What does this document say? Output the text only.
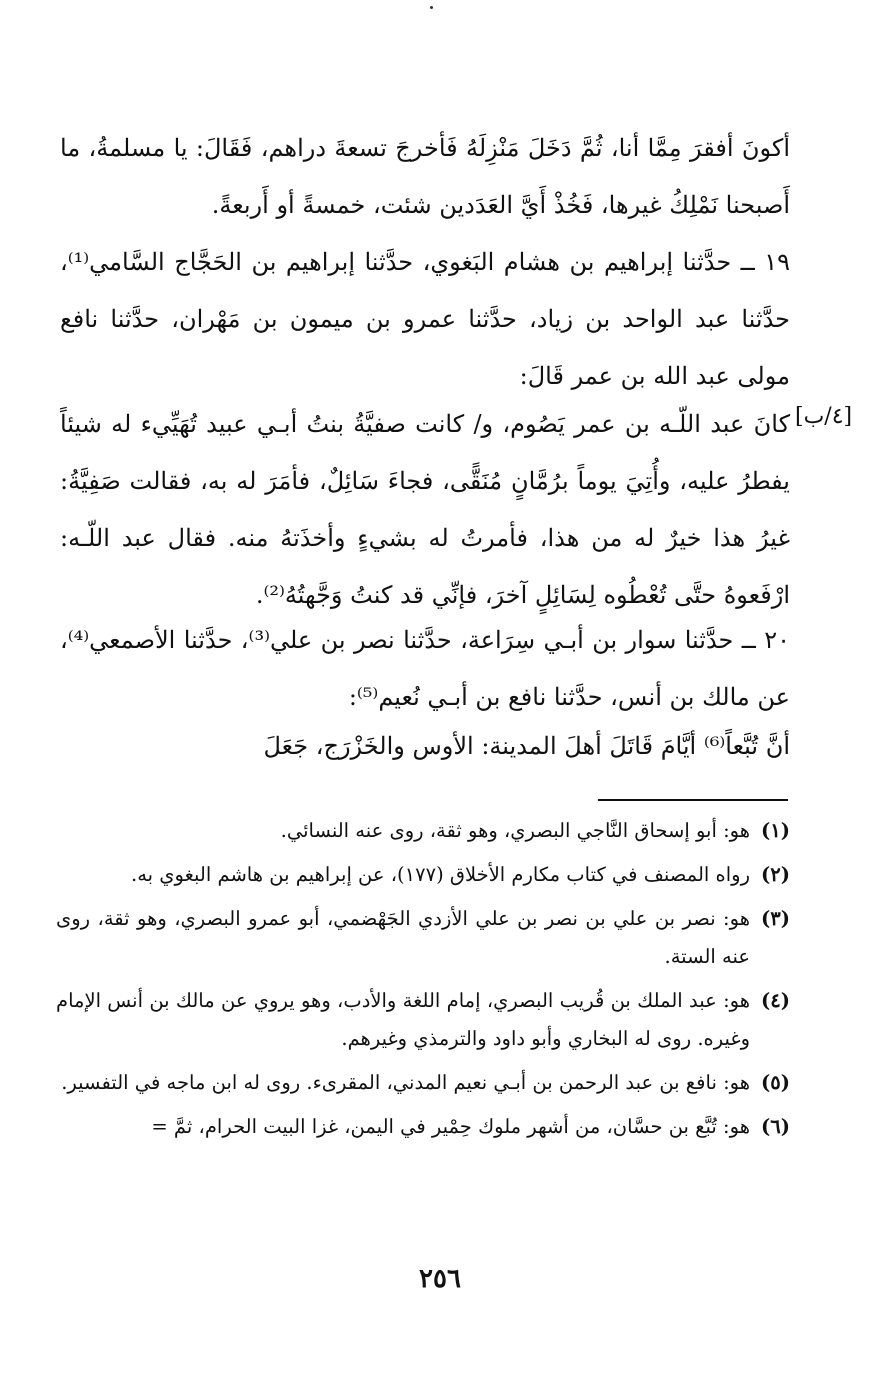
أكونَ أفقرَ مِمَّا أنا، ثُمَّ دَخَلَ مَنْزِلَهُ فَأخرجَ تسعةَ دراهم، فَقَالَ: يا مسلمةُ، ما أَصبحنا نَمْلِكُ غيرها، فَخُذْ أَيَّ العَدَدين شئت، خمسةً أو أَربعةً.

١٩ ــ حدَّثنا إبراهيم بن هشام البَغوي، حدَّثنا إبراهيم بن الحَجَّاج السَّامي⁽¹⁾، حدَّثنا عبد الواحد بن زياد، حدَّثنا عمرو بن ميمون بن مَهْران، حدَّثنا نافع مولى عبد الله بن عمر قَالَ:

[٤/ب]

كانَ عبد اللّـه بن عمر يَصُوم، و/ كانت صفيَّةُ بنتُ أبـي عبيد تُهَيِّيء له شيئاً يفطرُ عليه، وأُتِيَ يوماً برُمَّانٍ مُنَقًّى، فجاءَ سَائِلٌ، فأمَرَ له به، فقالت صَفِيَّةُ: غيرُ هذا خيرٌ له من هذا، فأمرتُ له بشيءٍ وأخذَتهُ منه. فقال عبد اللّـه: ارْفَعوهُ حتَّى تُعْطُوه لِسَائِلٍ آخرَ، فإنِّي قد كنتُ وَجَّهتُهُ⁽²⁾.

٢٠ ــ حدَّثنا سوار بن أبـي سِرَاعة، حدَّثنا نصر بن علي⁽³⁾، حدَّثنا الأصمعي⁽⁴⁾، عن مالك بن أنس، حدَّثنا نافع بن أبـي نُعيم⁽⁵⁾:

أنَّ تُبَّعاً⁽⁶⁾ أيَّامَ قَاتَلَ أهلَ المدينة: الأوس والخَزْرَج، جَعَلَ

(١)
هو: أبو إسحاق النَّاجي البصري، وهو ثقة، روى عنه النسائي.
(٢)
رواه المصنف في كتاب مكارم الأخلاق (١٧٧)، عن إبراهيم بن هاشم البغوي به.
(٣)
هو: نصر بن علي بن نصر بن علي الأزدي الجَهْضمي، أبو عمرو البصري، وهو ثقة، روى عنه الستة.
(٤)
هو: عبد الملك بن قُريب البصري، إمام اللغة والأدب، وهو يروي عن مالك بن أنس الإمام وغيره. روى له البخاري وأبو داود والترمذي وغيرهم.
(٥)
هو: نافع بن عبد الرحمن بن أبـي نعيم المدني، المقرىء. روى له ابن ماجه في التفسير.
(٦)
هو: تُبَّع بن حسَّان، من أشهر ملوك حِمْير في اليمن، غزا البيت الحرام، ثمَّ =
٢٥٦
